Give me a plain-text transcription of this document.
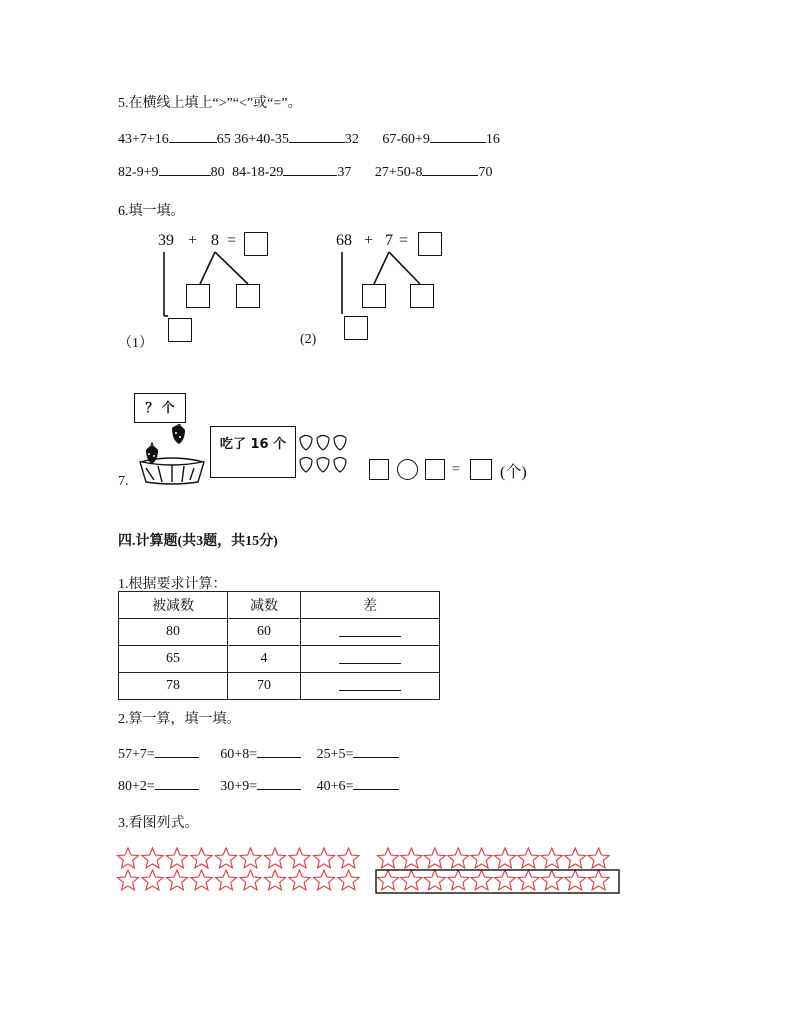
5.在横线上填上“>”“<”或“=”。
43+7+16	65 36+40-35	32 67-60+9	16
82-9+9	80 84-18-29	37 27+50-8	70
6.填一填。
39 + 8 =
（1）
68 + 7 =
(2)
7.
？ 个
吃了 16 个
=	(个)
四.计算题(共3题，共15分)
1.根据要求计算：
被减数	减数	差
80	60	
65	4	
78	70	
2.算一算，填一填。
57+7=	60+8=	25+5=
80+2=	30+9=	40+6=
3.看图列式。
